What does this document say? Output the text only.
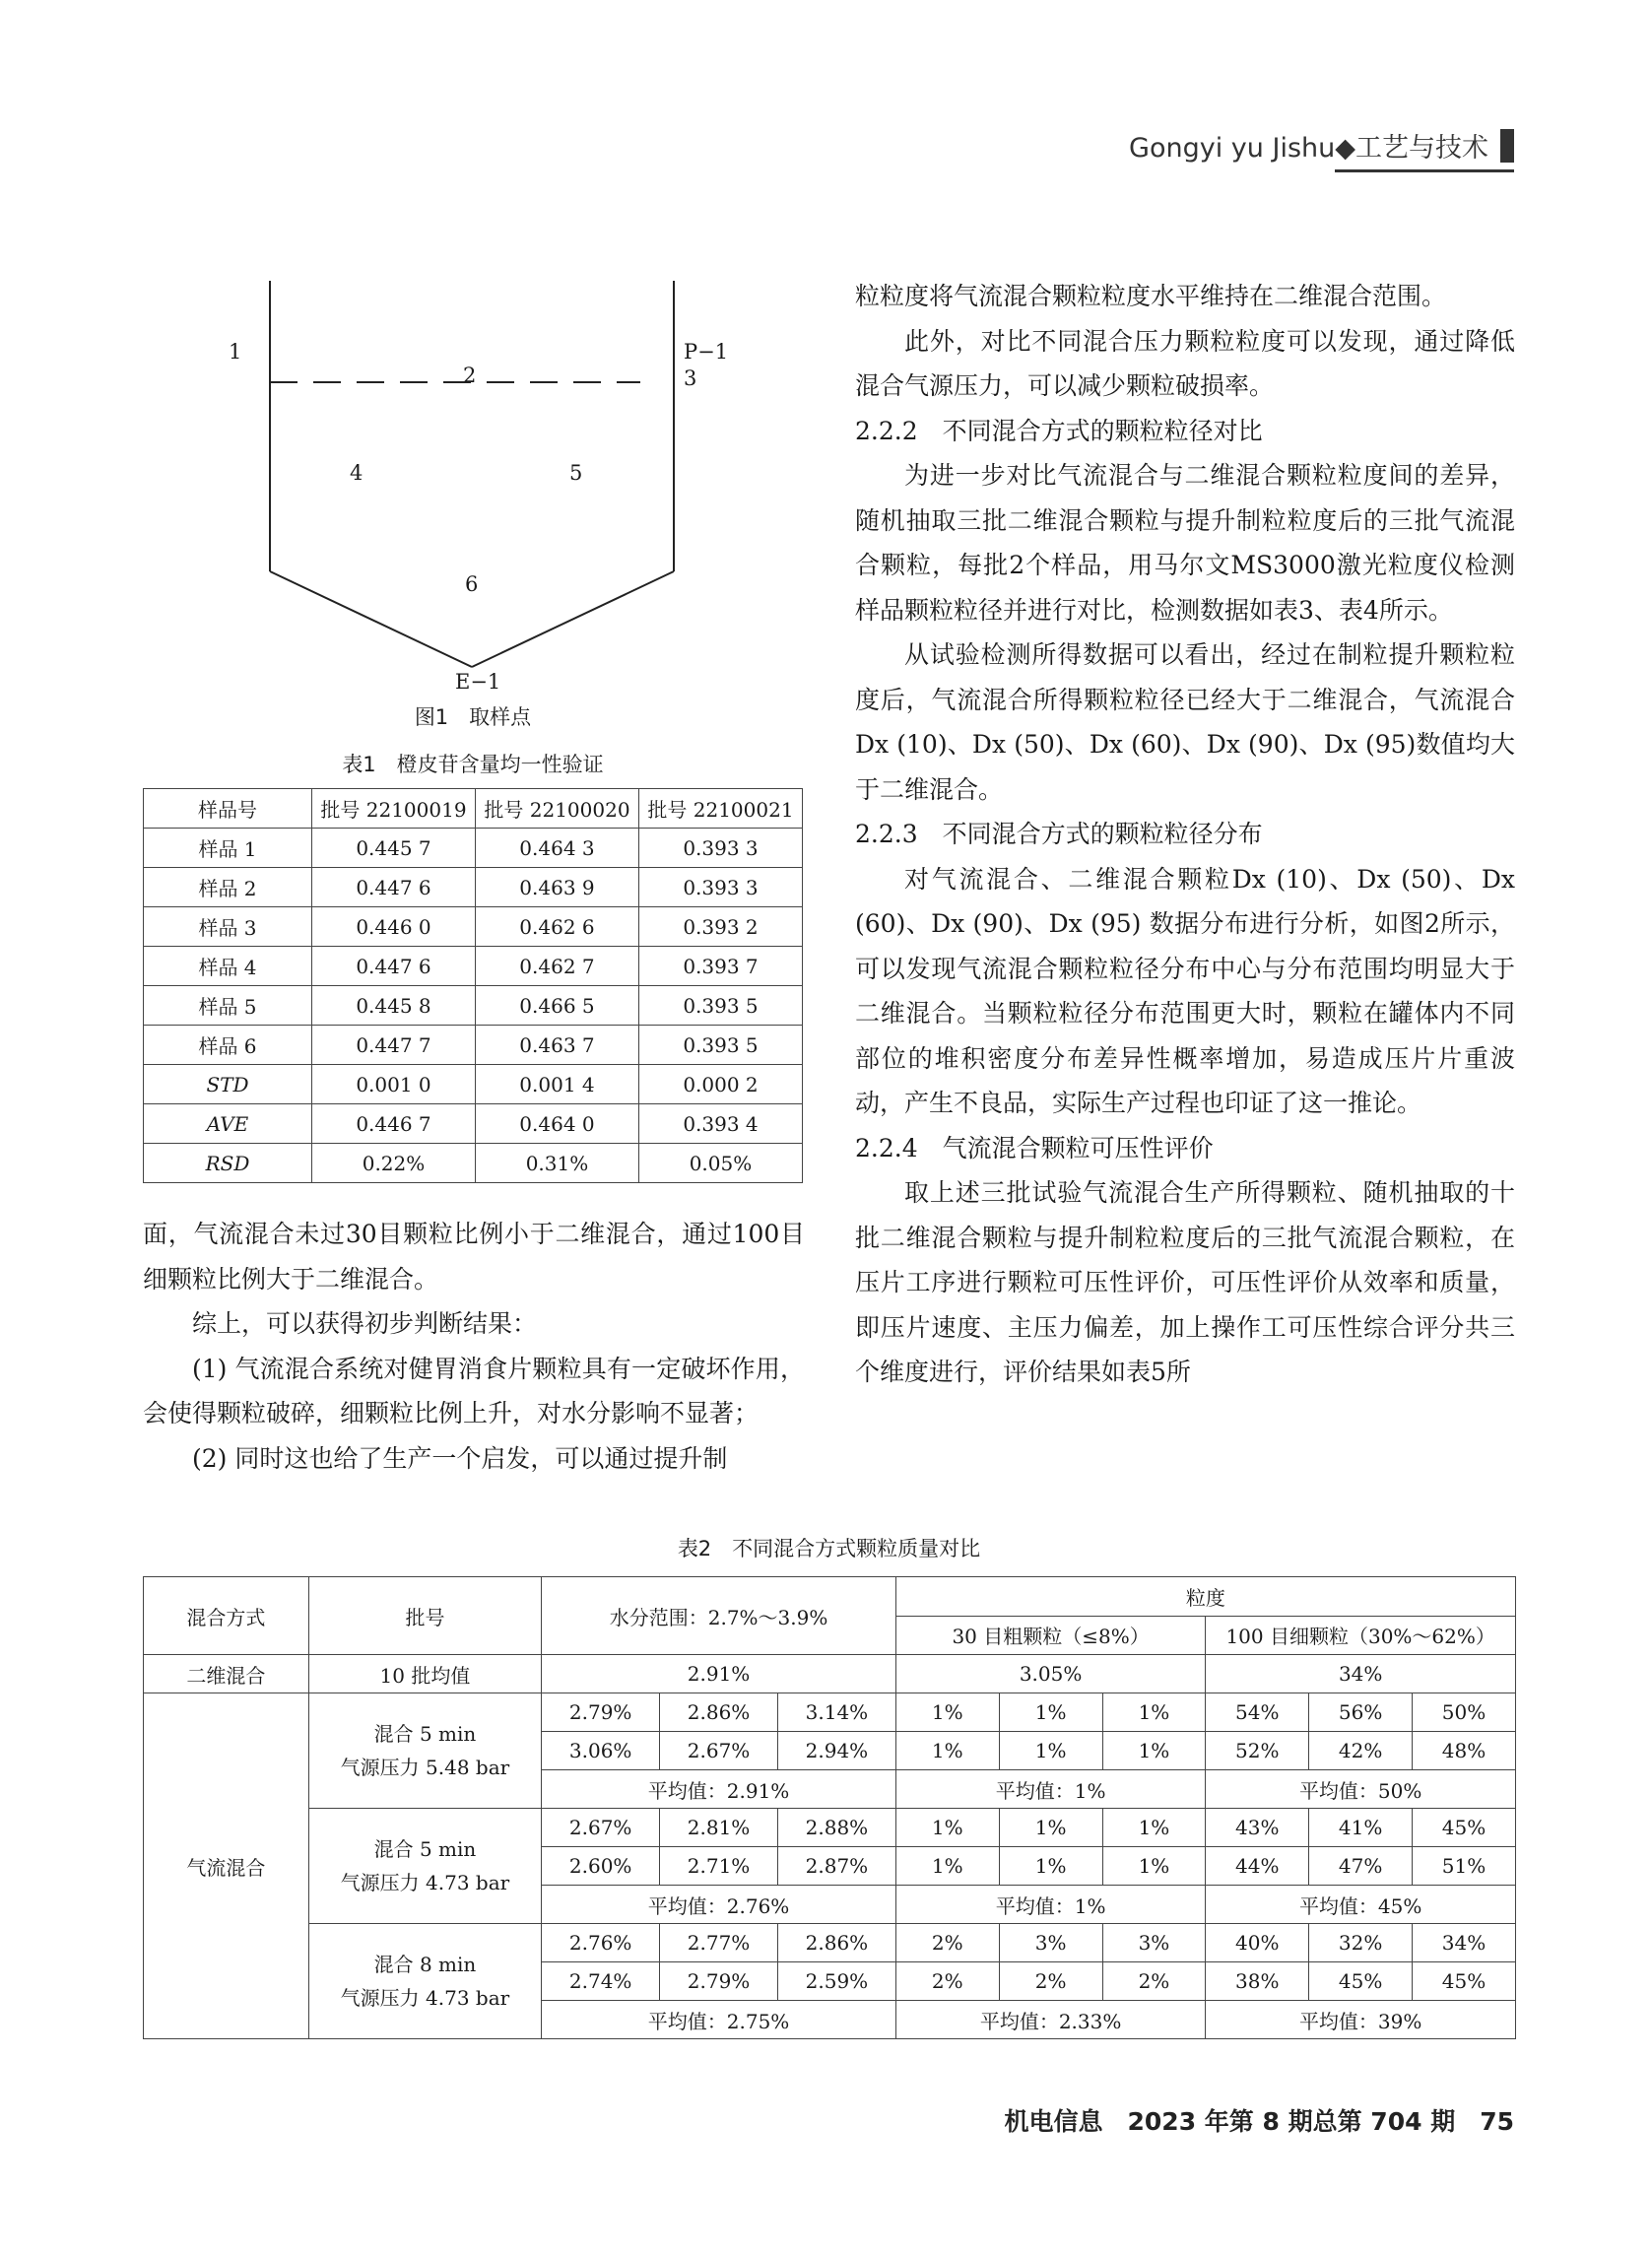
Gongyi yu Jishu◆工艺与技术
1
2
P−1
3
4	5
6
E−1
图1　取样点
表1　橙皮苷含量均一性验证
样品号	批号 22100019	批号 22100020	批号 22100021
样品 1	0.445 7	0.464 3	0.393 3
样品 2	0.447 6	0.463 9	0.393 3
样品 3	0.446 0	0.462 6	0.393 2
样品 4	0.447 6	0.462 7	0.393 7
样品 5	0.445 8	0.466 5	0.393 5
样品 6	0.447 7	0.463 7	0.393 5
STD	0.001 0	0.001 4	0.000 2
AVE	0.446 7	0.464 0	0.393 4
RSD	0.22%	0.31%	0.05%

面，气流混合未过30目颗粒比例小于二维混合，通过100目细颗粒比例大于二维混合。

综上，可以获得初步判断结果：

(1) 气流混合系统对健胃消食片颗粒具有一定破坏作用，会使得颗粒破碎，细颗粒比例上升，对水分影响不显著；

(2) 同时这也给了生产一个启发，可以通过提升制

粒粒度将气流混合颗粒粒度水平维持在二维混合范围。

此外，对比不同混合压力颗粒粒度可以发现，通过降低混合气源压力，可以减少颗粒破损率。

2.2.2　不同混合方式的颗粒粒径对比

为进一步对比气流混合与二维混合颗粒粒度间的差异，随机抽取三批二维混合颗粒与提升制粒粒度后的三批气流混合颗粒，每批2个样品，用马尔文MS3000激光粒度仪检测样品颗粒粒径并进行对比，检测数据如表3、表4所示。

从试验检测所得数据可以看出，经过在制粒提升颗粒粒度后，气流混合所得颗粒粒径已经大于二维混合，气流混合Dx (10)、Dx (50)、Dx (60)、Dx (90)、Dx (95)数值均大于二维混合。

2.2.3　不同混合方式的颗粒粒径分布

对气流混合、二维混合颗粒Dx (10)、Dx (50)、Dx (60)、Dx (90)、Dx (95) 数据分布进行分析，如图2所示，可以发现气流混合颗粒粒径分布中心与分布范围均明显大于二维混合。当颗粒粒径分布范围更大时，颗粒在罐体内不同部位的堆积密度分布差异性概率增加，易造成压片片重波动，产生不良品，实际生产过程也印证了这一推论。

2.2.4　气流混合颗粒可压性评价

取上述三批试验气流混合生产所得颗粒、随机抽取的十批二维混合颗粒与提升制粒粒度后的三批气流混合颗粒，在压片工序进行颗粒可压性评价，可压性评价从效率和质量，即压片速度、主压力偏差，加上操作工可压性综合评分共三个维度进行，评价结果如表5所

表2　不同混合方式颗粒质量对比
混合方式	批号	水分范围：2.7%～3.9%			粒度					
					30 目粗颗粒（≤8%）			100 目细颗粒（30%～62%）		
二维混合	10 批均值	2.91%			3.05%			34%		
气流混合	混合 5 min
气源压力 5.48 bar	2.79%	2.86%	3.14%	1%	1%	1%	54%	56%	50%
		3.06%	2.67%	2.94%	1%	1%	1%	52%	42%	48%
		平均值：2.91%			平均值：1%			平均值：50%		

	混合 5 min
气源压力 4.73 bar	2.67%	2.81%	2.88%	1%	1%	1%	43%	41%	45%
		2.60%	2.71%	2.87%	1%	1%	1%	44%	47%	51%
		平均值：2.76%			平均值：1%			平均值：45%		

	混合 8 min
气源压力 4.73 bar	2.76%	2.77%	2.86%	2%	3%	3%	40%	32%	34%
		2.74%	2.79%	2.59%	2%	2%	2%	38%	45%	45%
		平均值：2.75%			平均值：2.33%			平均值：39%		
机电信息　2023 年第 8 期总第 704 期　75
